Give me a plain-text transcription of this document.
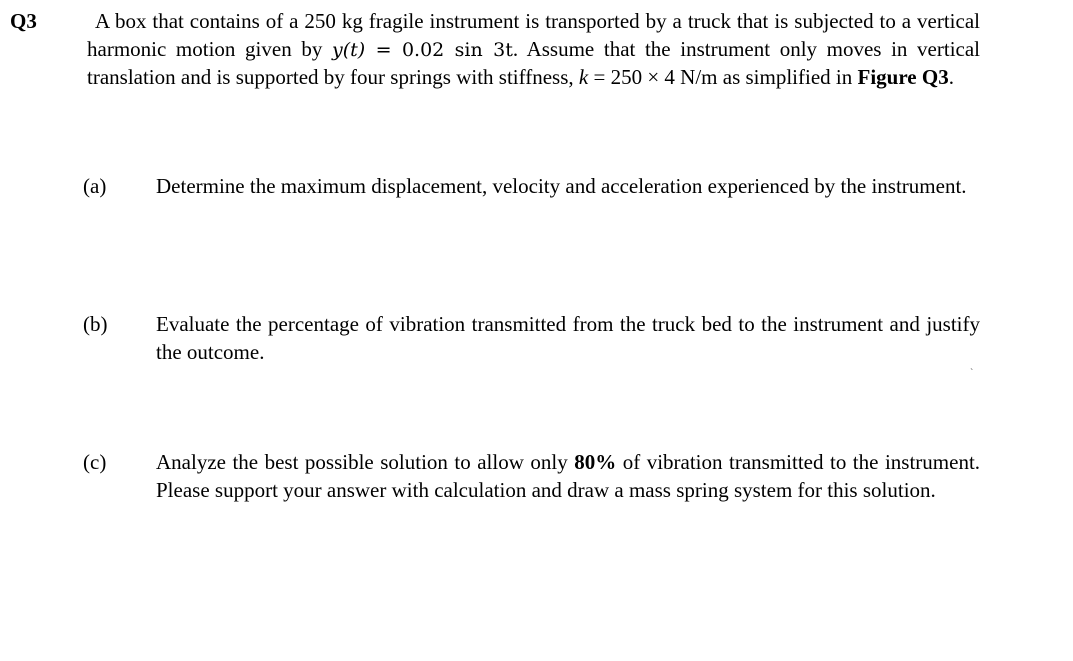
Q3	A box that contains of a 250 kg fragile instrument is transported by a truck that is subjected to a vertical harmonic motion given by y(t) = 0.02 sin 3t. Assume that the instrument only moves in vertical translation and is supported by four springs with stiffness, k = 250 × 4 N/m as simplified in Figure Q3.
(a) Determine the maximum displacement, velocity and acceleration experienced by the instrument.
(b) Evaluate the percentage of vibration transmitted from the truck bed to the instrument and justify the outcome.
`
(c) Analyze the best possible solution to allow only 80% of vibration transmitted to the instrument. Please support your answer with calculation and draw a mass spring system for this solution.
